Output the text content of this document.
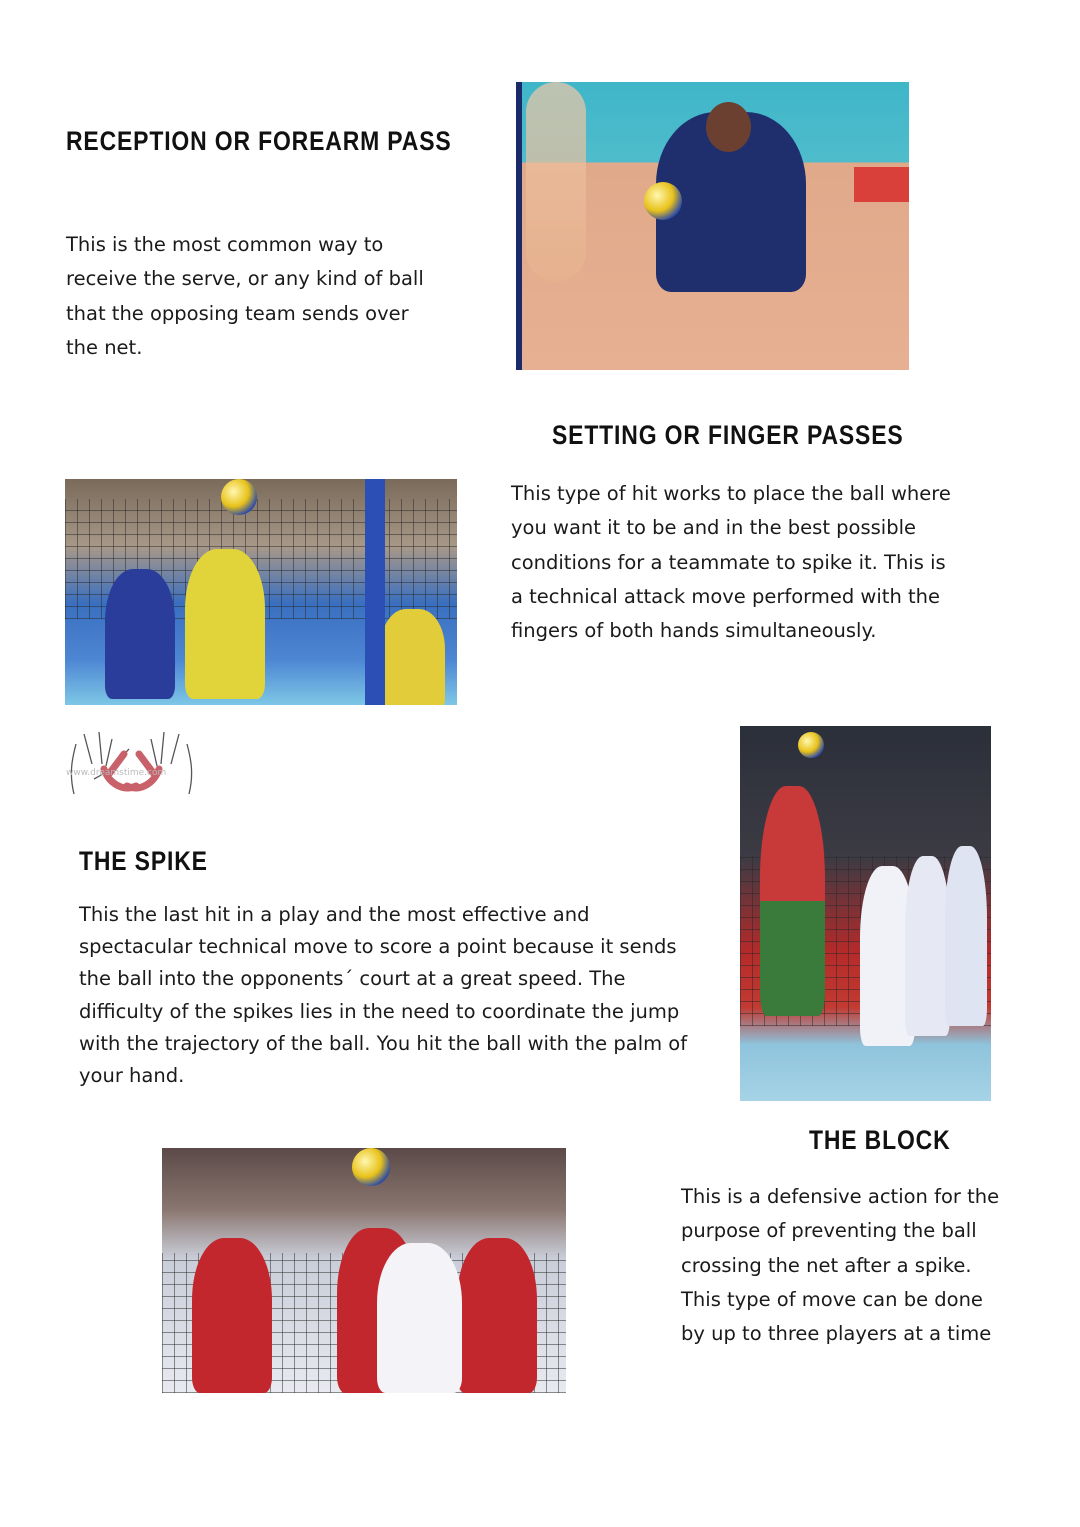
RECEPTION OR FOREARM PASS

This is the most common way to receive the serve, or any kind of ball that the opposing team sends over the net.

SETTING OR FINGER PASSES

This type of hit works to place the ball where you want it to be and in the best possible conditions for a teammate to spike it. This is a technical attack move performed with the fingers of both hands simultaneously.

www.dreamstime.com
THE SPIKE

This the last hit in a play and the most effective and spectacular technical move to score a point because it sends the ball into the opponents´ court at a great speed. The difficulty of the spikes lies in the need to coordinate the jump with the trajectory of the ball. You hit the ball with the palm of your hand.

THE BLOCK

This is a defensive action for the purpose of preventing the ball crossing the net after a spike. This type of move can be done by up to three players at a time
